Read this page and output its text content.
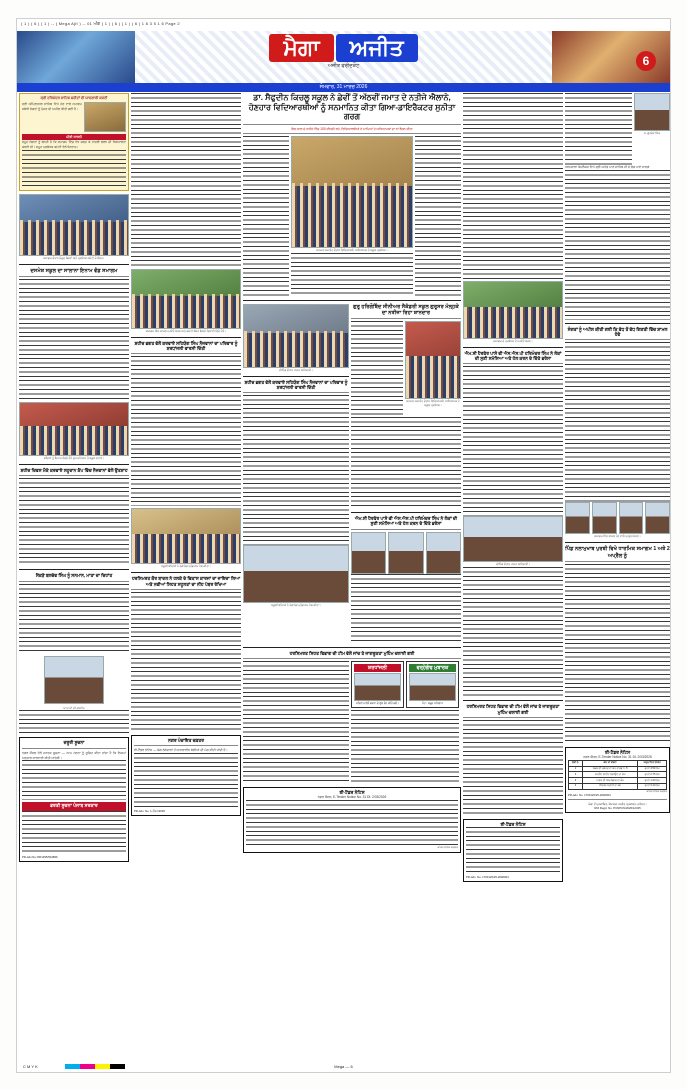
( 1 ) ( 6 ) ( 1 ) -- ( Mega Ajit ) -- 01 ਅੰਕ ( 1 ) ( 6 ) ( 1 ) ( 6 ) 1 6 3 5 1 6 Page 2
ਮੈਗਾ ਅਜੀਤ
ਅਜੀਤ ਫਰੀਦਕੋਟ	6
ਸੋਮਵਾਰ, 31 ਮਾਰਚ 2026
ਸ੍ਰੀ ਹਰਿਮੰਦਰ ਸਾਹਿਬ ਸ਼ਹੀਦਾਂ ਦੀ ਯਾਦਗਾਰੀ ਕਮੇਟੀ
ਸ੍ਰੀ ਅੰਮ੍ਰਿਤਸਰ ਸਾਹਿਬ ਵਿਖੇ ਹੋਣ ਵਾਲੇ ਸਮਾਗਮ ਸਬੰਧੀ ਸੰਗਤਾਂ ਨੂੰ ਪੁੱਜਣ ਦੀ ਅਪੀਲ ਕੀਤੀ ਗਈ ਹੈ।
ਪੀੜੀ ਸਾਰਨੀ
ਸਮੂਹ ਸੰਗਤਾਂ ਨੂੰ ਬੇਨਤੀ ਹੈ ਕਿ ਸਮਾਗਮ ਵਿੱਚ ਵੱਧ ਚੜ੍ਹ ਕੇ ਹਾਜ਼ਰੀ ਭਰਨ ਦੀ ਕਿਰਪਾਲਤਾ ਕਰਨੀ ਜੀ। ਸਮੂਹ ਪ੍ਰਬੰਧਕ ਕਮੇਟੀ ਵੱਲੋਂ ਧੰਨਵਾਦ।
ਸਮਾਗਮ ਦੌਰਾਨ ਮੌਜੂਦ ਸੰਗਤਾਂ ਅਤੇ ਪ੍ਰਬੰਧਕ ਕਮੇਟੀ ਦੇ ਮੈਂਬਰ।
ਦਸਮੇਸ਼ ਸਕੂਲ ਦਾ ਸਾਲਾਨਾ ਇਨਾਮ ਵੰਡ ਸਮਾਗਮ
ਬੱਚਿਆਂ ਨੂੰ ਇਨਾਮ ਵੰਡਦੇ ਹੋਏ ਮੁੱਖ ਮਹਿਮਾਨ ਤੇ ਸਕੂਲ ਸਟਾਫ।
ਸ਼ਹੀਦ ਦਿਵਸ ਮੌਕੇ ਕਰਵਾਏ ਲਹੂਦਾਨ ਕੈਂਪ ਵਿੱਚ ਨੌਜਵਾਨਾਂ ਵੱਲੋਂ ਉਤਸ਼ਾਹ
ਸੈਂਕੜੇ ਬਲਦੇਵ ਸਿੰਘ ਨੂੰ ਸਨਮਾਨ, ਮਾਤਾ ਦਾ ਦਿਹਾਂਤ
ਮਾਤਾ ਜੀ ਦੀ ਤਸਵੀਰ
ਜ਼ਰੂਰੀ ਸੂਚਨਾ
ਨਗਰ ਕੌਂਸਲ ਵੱਲੋਂ ਜਨਤਕ ਸੂਚਨਾ — ਆਮ ਜਨਤਾ ਨੂੰ ਸੂਚਿਤ ਕੀਤਾ ਜਾਂਦਾ ਹੈ ਕਿ ਨਿਯਮਾਂ ਅਨੁਸਾਰ ਕਾਰਵਾਈ ਕੀਤੀ ਜਾਵੇਗੀ।
ਭਰਤੀ ਸੂਚਨਾ ਪੰਜਾਬ ਸਰਕਾਰ
PR-Adv.No.1501395/504866
ਸਮਾਗਮ ਵਿੱਚ ਸ਼ਾਮਲ ਪਤਵੰਤੇ ਸੱਜਣ ਅਤੇ ਕਮੇਟੀ ਮੈਂਬਰ ਇਕੱਠੇ ਦਿਖਾਈ ਦਿੰਦੇ ਹੋਏ।
ਸ਼ਹੀਦ ਭਗਤ ਵੱਲੋਂ ਕਰਵਾਏ ਸਹਿਯੋਗ ਸਿੰਘ ਨੌਜਵਾਨਾਂ ਦਾ ਪਰਿਵਾਰ ਨੂੰ ਸ਼ਰਧਾਂਜਲੀ ਵਾਰਸੀ ਦਿੱਤੀ
ਸਕੂਲੀ ਬੱਚਿਆਂ ਨੇ ਰੰਗਾਰੰਗ ਪ੍ਰੋਗਰਾਮ ਪੇਸ਼ ਕੀਤਾ।
ਹਰਸਿਮਰਤ ਕੌਰ ਬਾਦਲ ਨੇ ਹਲਕੇ ਦੇ ਵਿਕਾਸ ਕਾਰਜਾਂ ਦਾ ਜਾਇਜ਼ਾ ਲਿਆ ਅਤੇ ਨਵੀਆਂ ਸਿਹਤ ਸਹੂਲਤਾਂ ਦਾ ਨੀਂਹ ਪੱਥਰ ਰੱਖਿਆ
ਨਗਰ ਪੰਚਾਇਤ ਦਫ਼ਤਰ
ਈ-ਟੈਂਡਰ ਨੋਟਿਸ — ਯੋਗ ਠੇਕੇਦਾਰਾਂ ਤੋਂ ਆਨਲਾਈਨ ਬੋਲੀਆਂ ਦੀ ਮੰਗ ਕੀਤੀ ਜਾਂਦੀ ਹੈ।
PR-Adv. No. 1-ਟੈਂਡਰ/2026
ਡਾ. ਸੈਫੁਦੀਨ ਕਿਚਲੂ ਸਕੂਲ ਨੇ ਛੇਵੀਂ ਤੋਂ ਅੱਠਵੀਂ ਜਮਾਤ ਦੇ ਨਤੀਜੇ ਐਲਾਨੇ, ਹੋਣਹਾਰ ਵਿਦਿਆਰਥੀਆਂ ਨੂੰ ਸਨਮਾਨਿਤ ਕੀਤਾ ਗਿਆ-ਡਾਇਰੈਕਟਰ ਸੁਨੀਤਾ ਗਰਗ
ਇਸ ਸਾਲ ਦੇ ਨਤੀਜੇ ਵਿੱਚ 100 ਫ਼ੀਸਦੀ ਰਹੇ, ਵਿਦਿਆਰਥੀਆਂ ਨੇ ਮਾਪਿਆਂ ਤੇ ਅਧਿਆਪਕਾਂ ਦਾ ਨਾਂ ਰੌਸ਼ਨ ਕੀਤਾ
ਸਨਮਾਨ ਸਮਾਰੋਹ ਦੌਰਾਨ ਵਿਦਿਆਰਥੀ, ਅਧਿਆਪਕ ਤੇ ਸਕੂਲ ਪ੍ਰਬੰਧਕ।
ਮੀਟਿੰਗ ਦੌਰਾਨ ਹਾਜ਼ਰ ਅਧਿਕਾਰੀ।
ਸ਼ਹੀਦ ਭਗਤ ਵੱਲੋਂ ਕਰਵਾਏ ਸਹਿਯੋਗ ਸਿੰਘ ਨੌਜਵਾਨਾਂ ਦਾ ਪਰਿਵਾਰ ਨੂੰ ਸ਼ਰਧਾਂਜਲੀ ਵਾਰਸੀ ਦਿੱਤੀ
ਸਕੂਲੀ ਬੱਚਿਆਂ ਨੇ ਰੰਗਾਰੰਗ ਪ੍ਰੋਗਰਾਮ ਪੇਸ਼ ਕੀਤਾ।
ਗੁਰੂ ਹਰਿਗੋਬਿੰਦ ਸੀਨੀਅਰ ਸੈਕੰਡਰੀ ਸਕੂਲ ਗੁਰੂਸਰ ਮੱਲ੍ਹਕੇ ਦਾ ਨਤੀਜਾ ਰਿਹਾ ਸ਼ਾਨਦਾਰ
ਸਨਮਾਨ ਸਮਾਰੋਹ ਦੌਰਾਨ ਵਿਦਿਆਰਥੀ, ਅਧਿਆਪਕ ਤੇ ਸਕੂਲ ਪ੍ਰਬੰਧਕ।
ਐਮ.ਸੀ ਹੈਰਫੇਰ ਪਾਸੋ ਵੀ ਐਸ.ਐਸ.ਪੀ ਹਰਿਮੰਦਰ ਸਿੰਘ ਨੇ ਲੋਕਾਂ ਦੀ ਸੁਣੀ ਸਮੱਸਿਆ ਅਤੇ ਹੱਲ ਕਰਨ ਦੇ ਦਿੱਤੇ ਭਰੋਸਾ
ਹਰਸਿਮਰਤ ਸਿਹਤ ਵਿਭਾਗ ਦੀ ਟੀਮ ਵੱਲੋਂ ਜਾਂਚ ਤੇ ਜਾਗਰੂਕਤਾ ਮੁਹਿੰਮ ਚਲਾਈ ਗਈ
ਸ਼ਰਧਾਂਜਲੀ
ਪਰਿਵਾਰ ਵੱਲੋਂ ਸ਼ਰਧਾ ਦੇ ਫੁੱਲ ਭੇਟ ਕੀਤੇ ਗਏ।
ਵਰ੍ਹੇਗੰਢ ਮੁਬਾਰਕ
ਨੋਟ : ਸਮੂਹ ਪਰਿਵਾਰ
ਈ-ਟੈਂਡਰ ਨੋਟਿਸ
ਨਗਰ ਕੌਂਸਲ, E-Tender Notice No. 31 Dt. 2/03/2026
ਕਾਰਜ ਸਾਧਕ ਅਫ਼ਸਰ
ਸਮਾਗਮ ਦੇ ਪ੍ਰਬੰਧਕ ਤੇ ਪਤਵੰਤੇ ਸੱਜਣ।
ਐਮ.ਸੀ ਹੈਰਫੇਰ ਪਾਸੋ ਵੀ ਐਸ.ਐਸ.ਪੀ ਹਰਿਮੰਦਰ ਸਿੰਘ ਨੇ ਲੋਕਾਂ ਦੀ ਸੁਣੀ ਸਮੱਸਿਆ ਅਤੇ ਹੱਲ ਕਰਨ ਦੇ ਦਿੱਤੇ ਭਰੋਸਾ
ਮੀਟਿੰਗ ਦੌਰਾਨ ਹਾਜ਼ਰ ਅਧਿਕਾਰੀ।
ਹਰਸਿਮਰਤ ਸਿਹਤ ਵਿਭਾਗ ਦੀ ਟੀਮ ਵੱਲੋਂ ਜਾਂਚ ਤੇ ਜਾਗਰੂਕਤਾ ਮੁਹਿੰਮ ਚਲਾਈ ਗਈ
ਈ-ਟੈਂਡਰ ਨੋਟਿਸ
PR-Adv. No. 1700120/25-2600004
ਸ. ਗੁਰਦੇਵ ਸਿੰਘ
ਧਰਮਸ਼ਾਲਾ ਕੰਪਲੈਕਸ ਵਿਖੇ ਸ਼੍ਰੀ ਅਖੰਡ ਪਾਠ ਸਾਹਿਬ ਜੀ ਦੇ ਭੋਗ ਪਾਏ ਜਾਣਗੇ
ਸੰਗਤਾਂ ਨੂੰ ਅਪੀਲ ਕੀਤੀ ਗਈ ਕਿ ਵੱਧ ਤੋਂ ਵੱਧ ਗਿਣਤੀ ਵਿੱਚ ਸ਼ਾਮਲ ਹੋਵੋ
ਸਮਾਗਮ ਵਿੱਚ ਸ਼ਾਮਲ ਹੋਣ ਵਾਲੇ ਪ੍ਰਮੁੱਖ ਸੱਜਣ।
ਪਿੰਡ ਨਲਾਮੁਖਾਬ ਪੁਰਬੀ ਵਿਖੇ ਧਾਰਮਿਕ ਸਮਾਗਮ 1 ਅਤੇ 2 ਅਪ੍ਰੈਲ ਨੂੰ
ਈ-ਟੈਂਡਰ ਨੋਟਿਸ
ਨਗਰ ਕੌਂਸਲ, E-Tender Notice No. 31 Dt. 2/03/2026
ਲੜੀ ਨੰ.	ਕੰਮ ਦਾ ਵੇਰਵਾ	ਅਨੁਮਾਨਿਤ ਲਾਗਤ
1	ਸੜਕ ਦੀ ਮੁਰੰਮਤ ਦਾ ਕੰਮ ਵਾਰਡ ਨੰ. 5	ਰੁਪਏ 4.50 ਲੱਖ
2	ਸਟਰੀਟ ਲਾਈਟ ਲਗਾਉਣ ਦਾ ਕੰਮ	ਰੁਪਏ 2.75 ਲੱਖ
3	ਪਾਰਕ ਦੀ ਸਾਂਭ-ਸੰਭਾਲ ਦਾ ਕੰਮ	ਰੁਪਏ 1.20 ਲੱਖ
4	ਸੀਵਰੇਜ ਸਫ਼ਾਈ ਦਾ ਕੰਮ	ਰੁਪਏ 3.10 ਲੱਖ
ਕਾਰਜ ਸਾਧਕ ਅਫ਼ਸਰ
PR-Adv. No. 1700120/25-2600004
ਮੋਗਾ ਤੋਂ ਪ੍ਰਕਾਸ਼ਿਤ, ਸੰਪਾਦਕ: ਅਜੀਤ ਪ੍ਰਕਾਸ਼ਨ, ਜਲੰਧਰ।
RNI Regd. No. PUNPUN/2026/12345
C M Y K	Mega — 6
